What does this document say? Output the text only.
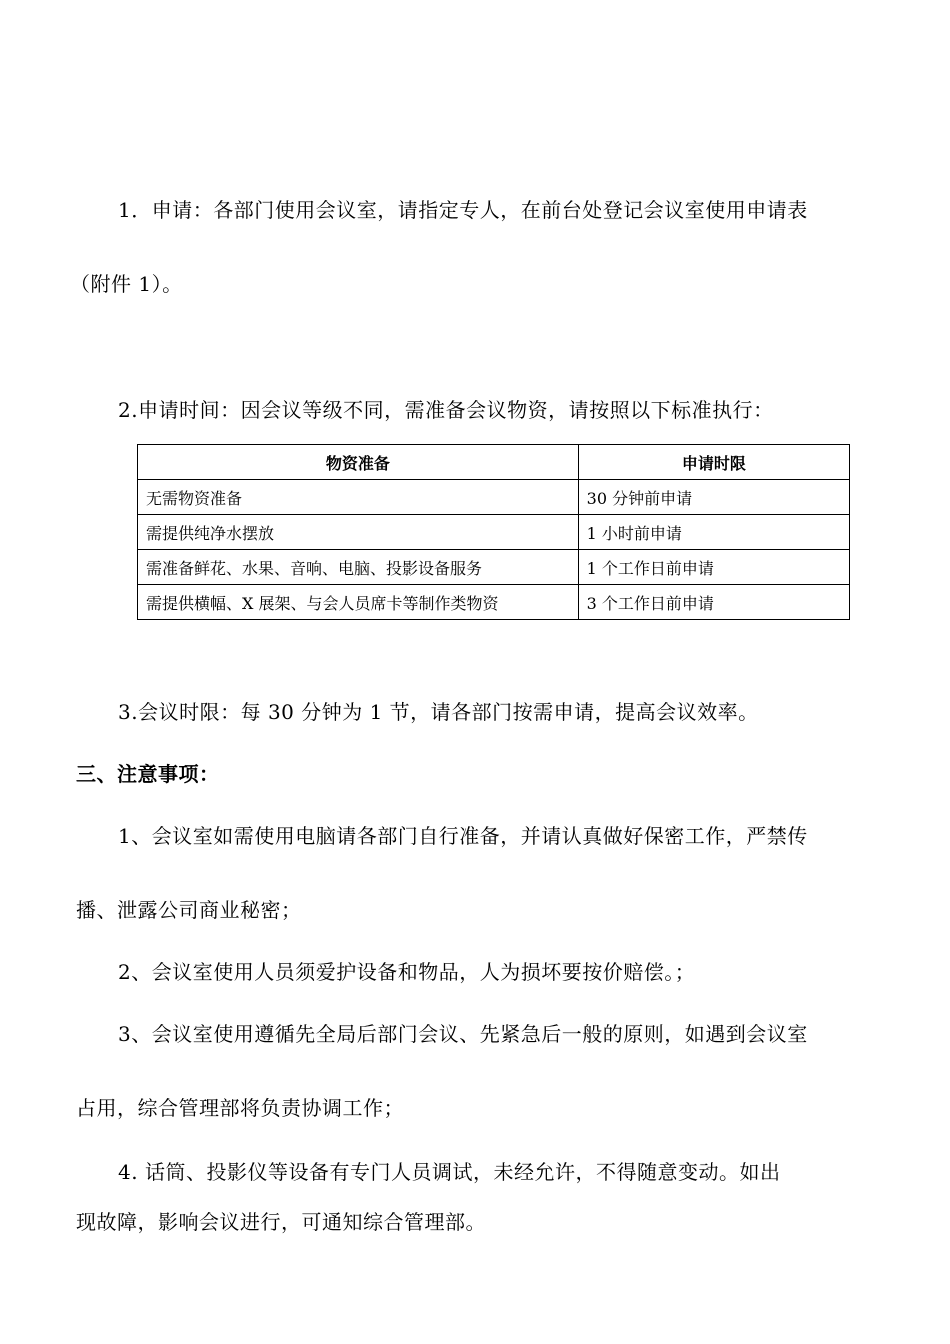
1．申请：各部门使用会议室，请指定专人，在前台处登记会议室使用申请表

（附件 1）。

2.申请时间：因会议等级不同，需准备会议物资，请按照以下标准执行：

物资准备	申请时限
无需物资准备	30 分钟前申请
需提供纯净水摆放	1 小时前申请
需准备鲜花、水果、音响、电脑、投影设备服务	1 个工作日前申请
需提供横幅、X 展架、与会人员席卡等制作类物资	3 个工作日前申请

3.会议时限：每 30 分钟为 1 节，请各部门按需申请，提高会议效率。

三、注意事项：

1、会议室如需使用电脑请各部门自行准备，并请认真做好保密工作，严禁传

播、泄露公司商业秘密；

2、会议室使用人员须爱护设备和物品，人为损坏要按价赔偿。；

3、会议室使用遵循先全局后部门会议、先紧急后一般的原则，如遇到会议室

占用，综合管理部将负责协调工作；

4. 话筒、投影仪等设备有专门人员调试，未经允许，不得随意变动。如出

现故障，影响会议进行，可通知综合管理部。
